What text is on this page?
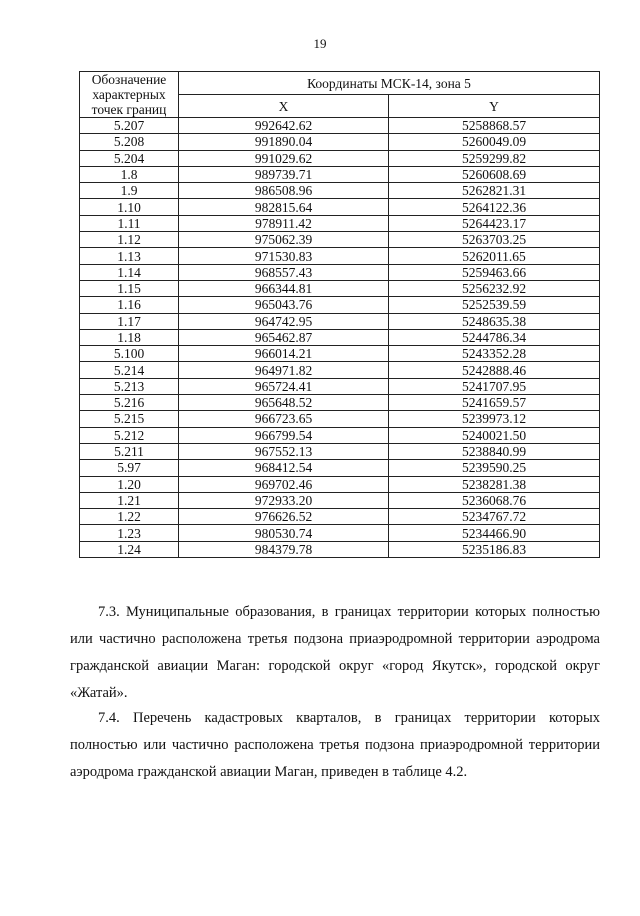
19
Обозначение характерных точек границ	Координаты МСК-14, зона 5	
	X	Y
5.207	992642.62	5258868.57
5.208	991890.04	5260049.09
5.204	991029.62	5259299.82
1.8	989739.71	5260608.69
1.9	986508.96	5262821.31
1.10	982815.64	5264122.36
1.11	978911.42	5264423.17
1.12	975062.39	5263703.25
1.13	971530.83	5262011.65
1.14	968557.43	5259463.66
1.15	966344.81	5256232.92
1.16	965043.76	5252539.59
1.17	964742.95	5248635.38
1.18	965462.87	5244786.34
5.100	966014.21	5243352.28
5.214	964971.82	5242888.46
5.213	965724.41	5241707.95
5.216	965648.52	5241659.57
5.215	966723.65	5239973.12
5.212	966799.54	5240021.50
5.211	967552.13	5238840.99
5.97	968412.54	5239590.25
1.20	969702.46	5238281.38
1.21	972933.20	5236068.76
1.22	976626.52	5234767.72
1.23	980530.74	5234466.90
1.24	984379.78	5235186.83
7.3. Муниципальные образования, в границах территории которых полностью или частично расположена третья подзона приаэродромной территории аэродрома гражданской авиации Маган: городской округ «город Якутск», городской округ «Жатай».
7.4. Перечень кадастровых кварталов, в границах территории которых полностью или частично расположена третья подзона приаэродромной территории аэродрома гражданской авиации Маган, приведен в таблице 4.2.
